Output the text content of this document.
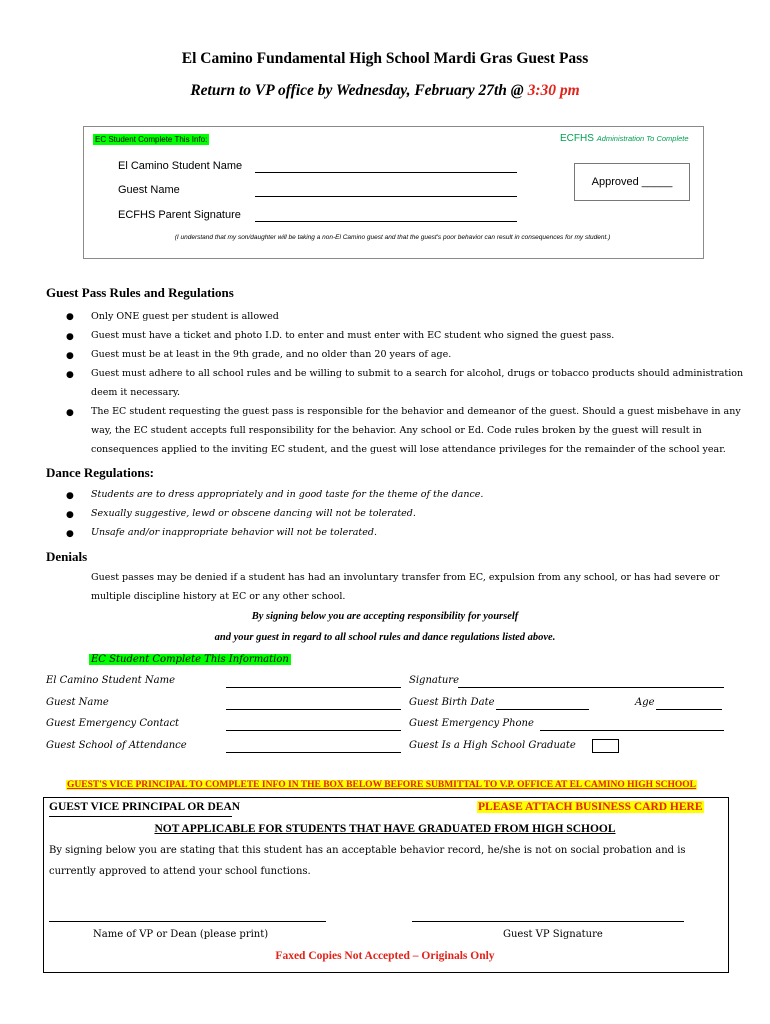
El Camino Fundamental High School Mardi Gras Guest Pass
Return to VP office by Wednesday, February 27th @ 3:30 pm
EC Student Complete This Info:	ECFHS Administration To Complete
El Camino Student Name
Guest Name
ECFHS Parent Signature
Approved _____
(I understand that my son/daughter will be taking a non-El Camino guest and that the guest's poor behavior can result in consequences for my student.)
Guest Pass Rules and Regulations
● Only ONE guest per student is allowed
● Guest must have a ticket and photo I.D. to enter and must enter with EC student who signed the guest pass.
● Guest must be at least in the 9th grade, and no older than 20 years of age.
● Guest must adhere to all school rules and be willing to submit to a search for alcohol, drugs or tobacco products should administration
deem it necessary.
● The EC student requesting the guest pass is responsible for the behavior and demeanor of the guest. Should a guest misbehave in any
way, the EC student accepts full responsibility for the behavior. Any school or Ed. Code rules broken by the guest will result in
consequences applied to the inviting EC student, and the guest will lose attendance privileges for the remainder of the school year.
Dance Regulations:
● Students are to dress appropriately and in good taste for the theme of the dance.
● Sexually suggestive, lewd or obscene dancing will not be tolerated.
● Unsafe and/or inappropriate behavior will not be tolerated.
Denials
Guest passes may be denied if a student has had an involuntary transfer from EC, expulsion from any school, or has had severe or
multiple discipline history at EC or any other school.
By signing below you are accepting responsibility for yourself
and your guest in regard to all school rules and dance regulations listed above.
EC Student Complete This Information
El Camino Student Name	Signature
Guest Name	Guest Birth Date	Age
Guest Emergency Contact	Guest Emergency Phone
Guest School of Attendance	Guest Is a High School Graduate
GUEST'S VICE PRINCIPAL TO COMPLETE INFO IN THE BOX BELOW BEFORE SUBMITTAL TO V.P. OFFICE AT EL CAMINO HIGH SCHOOL
GUEST VICE PRINCIPAL OR DEAN	PLEASE ATTACH BUSINESS CARD HERE
NOT APPLICABLE FOR STUDENTS THAT HAVE GRADUATED FROM HIGH SCHOOL
By signing below you are stating that this student has an acceptable behavior record, he/she is not on social probation and is
currently approved to attend your school functions.
Name of VP or Dean (please print)	Guest VP Signature
Faxed Copies Not Accepted – Originals Only
